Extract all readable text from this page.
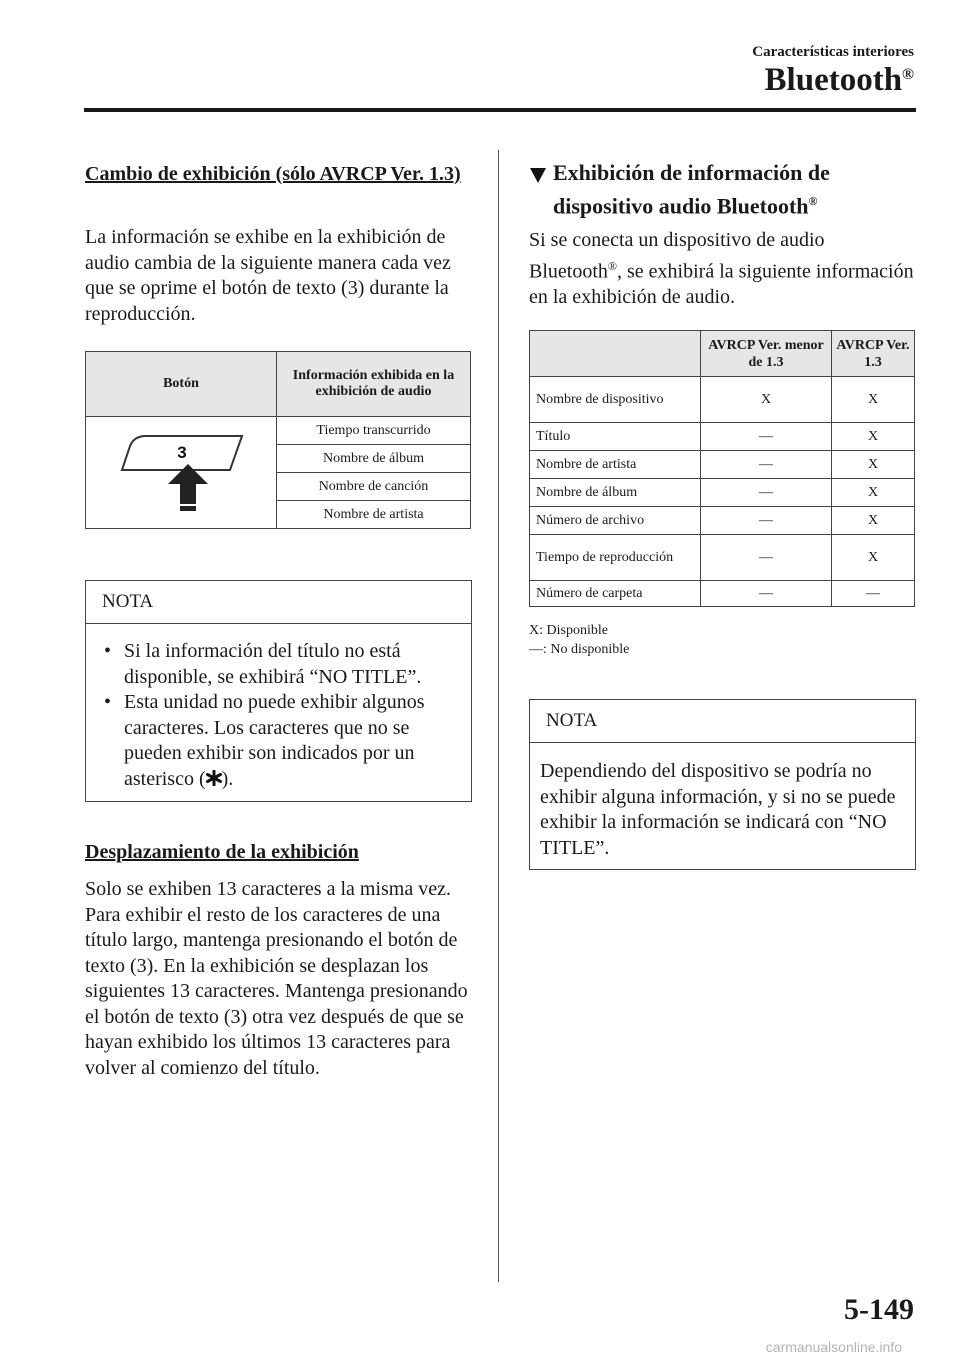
Características interiores
Bluetooth®
Cambio de exhibición (sólo AVRCP Ver. 1.3)
La información se exhibe en la exhibición de audio cambia de la siguiente manera cada vez que se oprime el botón de texto (3) durante la reproducción.
Botón	Información exhibida en la exhibición de audio

3	Tiempo transcurrido
	Nombre de álbum
	Nombre de canción
	Nombre de artista
NOTA
• Si la información del título no está disponible, se exhibirá “NO TITLE”.
• Esta unidad no puede exhibir algunos caracteres. Los caracteres que no se pueden exhibir son indicados por un asterisco ( ).
Desplazamiento de la exhibición
Solo se exhiben 13 caracteres a la misma vez. Para exhibir el resto de los caracteres de una título largo, mantenga presionando el botón de texto (3). En la exhibición se desplazan los siguientes 13 caracteres. Mantenga presionando el botón de texto (3) otra vez después de que se hayan exhibido los últimos 13 caracteres para volver al comienzo del título.
Exhibición de información de dispositivo audio Bluetooth®
Si se conecta un dispositivo de audio Bluetooth®, se exhibirá la siguiente información en la exhibición de audio.
	AVRCP Ver. menor de 1.3	AVRCP Ver. 1.3
Nombre de dispositivo	X	X
Título	—	X
Nombre de artista	—	X
Nombre de álbum	—	X
Número de archivo	—	X
Tiempo de reproducción	—	X
Número de carpeta	—	—
X: Disponible
—: No disponible
NOTA
Dependiendo del dispositivo se podría no exhibir alguna información, y si no se puede exhibir la información se indicará con “NO TITLE”.
5-149
carmanualsonline.info
